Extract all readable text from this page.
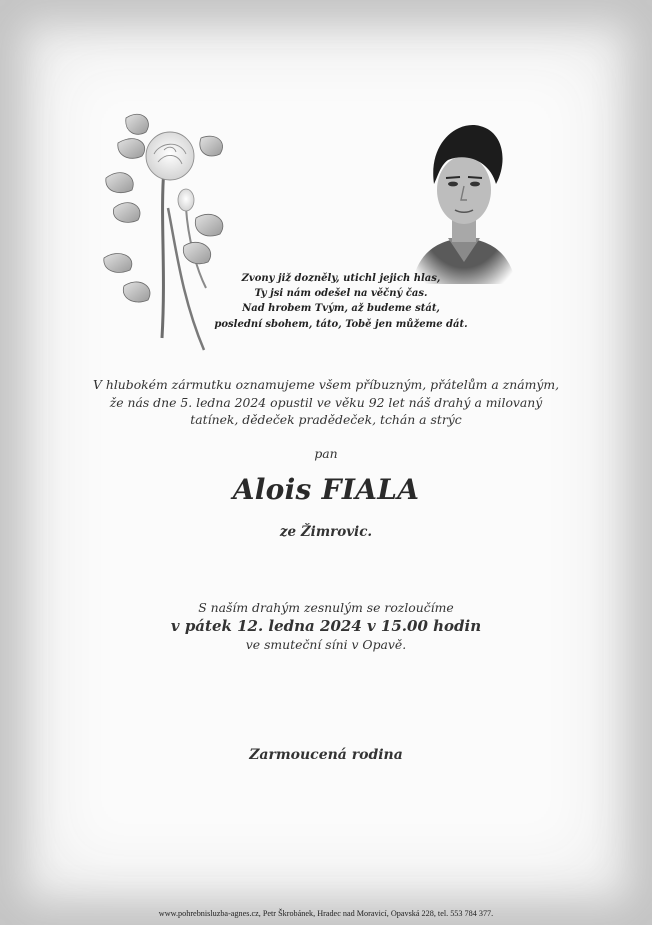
Zvony již dozněly, utichl jejich hlas,
Ty jsi nám odešel na věčný čas.
Nad hrobem Tvým, až budeme stát,
poslední sbohem, táto, Tobě jen můžeme dát.
V hlubokém zármutku oznamujeme všem příbuzným, přátelům a známým,
že nás dne 5. ledna 2024 opustil ve věku 92 let náš drahý a milovaný
tatínek, dědeček pradědeček, tchán a strýc
pan
Alois FIALA
ze Žimrovic.
S naším drahým zesnulým se rozloučíme
v pátek 12. ledna 2024 v 15.00 hodin
ve smuteční síni v Opavě.
Zarmoucená rodina
www.pohrebnisluzba-agnes.cz, Petr Škrobánek, Hradec nad Moravicí, Opavská 228, tel. 553 784 377.
